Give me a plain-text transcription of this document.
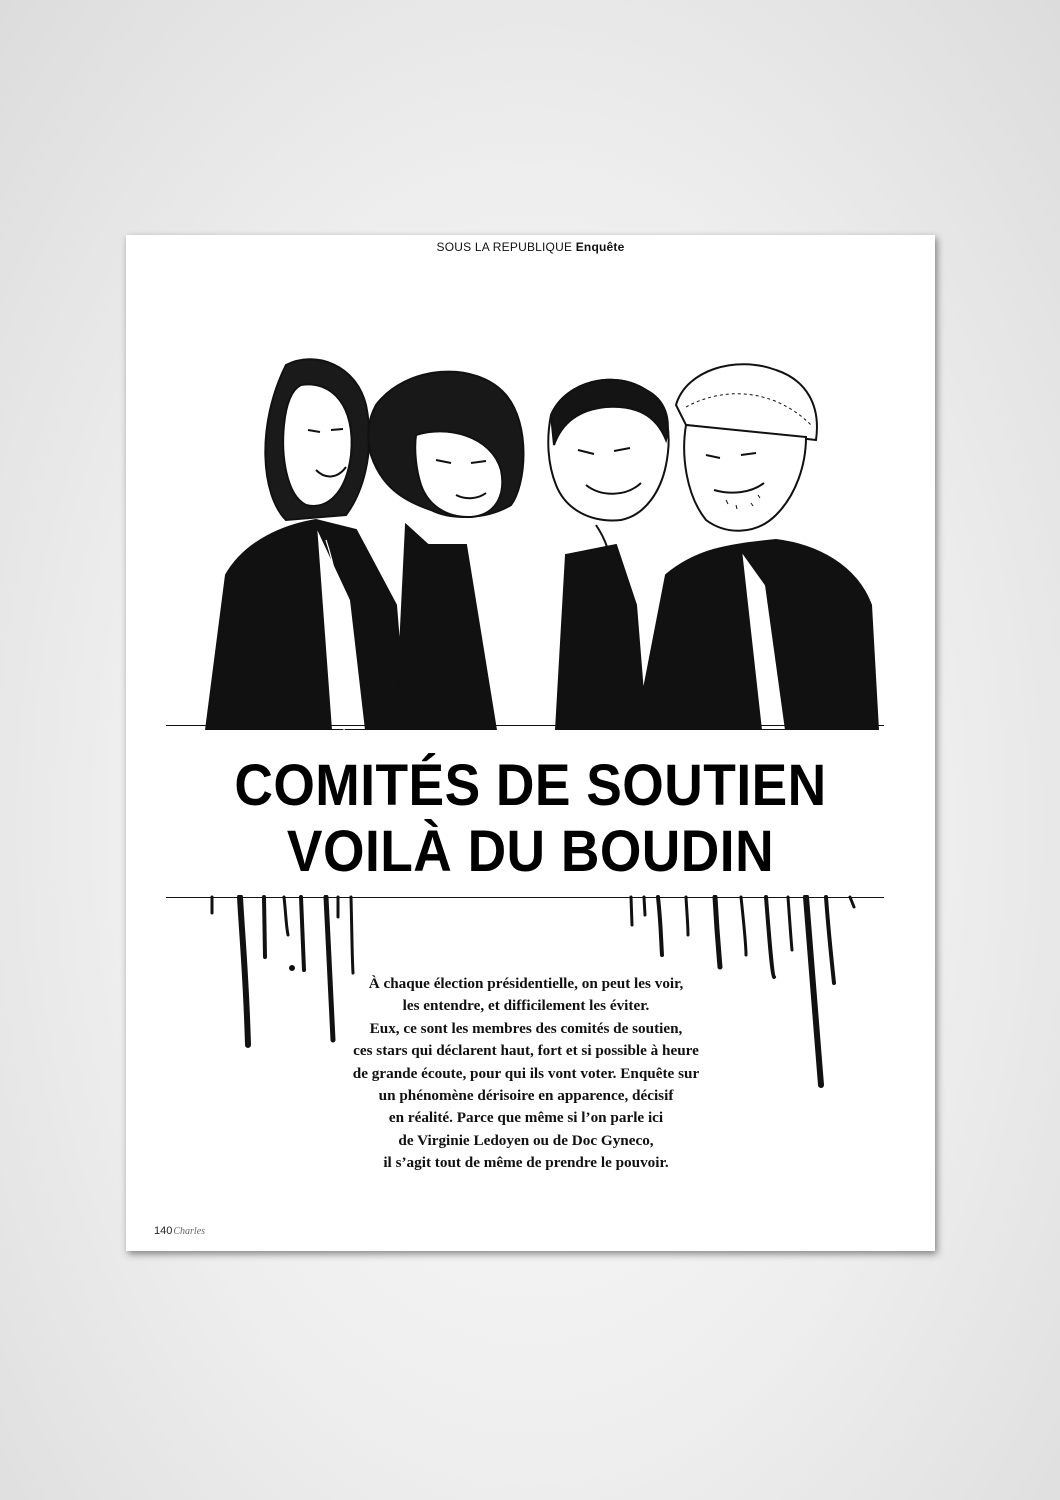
SOUS LA REPUBLIQUE Enquête
COMITÉS DE SOUTIEN
VOILÀ DU BOUDIN
À chaque élection présidentielle, on peut les voir,
les entendre, et difficilement les éviter.
Eux, ce sont les membres des comités de soutien,
ces stars qui déclarent haut, fort et si possible à heure
de grande écoute, pour qui ils vont voter. Enquête sur
un phénomène dérisoire en apparence, décisif
en réalité. Parce que même si l’on parle ici
de Virginie Ledoyen ou de Doc Gyneco,
il s’agit tout de même de prendre le pouvoir.
140Charles
